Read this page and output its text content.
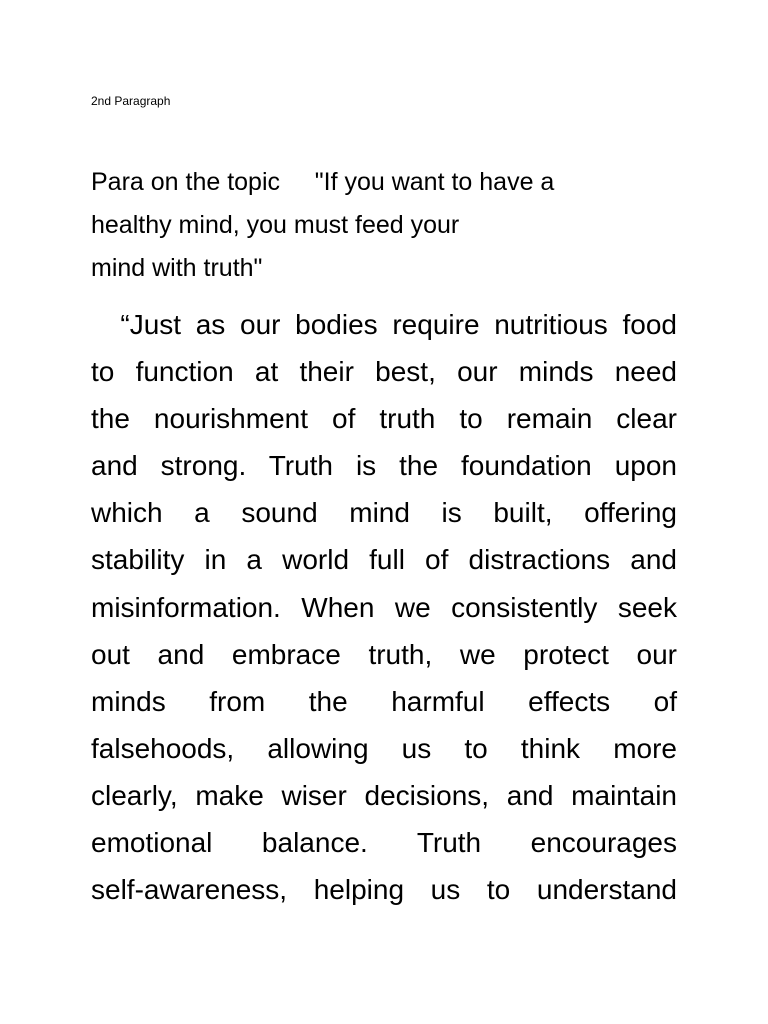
2nd Paragraph
Para on the topic     "If you want to have a
healthy mind, you must feed your
mind with truth"
“Just as our bodies require nutritious food
to function at their best, our minds need
the nourishment of truth to remain clear
and strong. Truth is the foundation upon
which a sound mind is built, offering
stability in a world full of distractions and
misinformation. When we consistently seek
out and embrace truth, we protect our
minds from the harmful effects of
falsehoods, allowing us to think more
clearly, make wiser decisions, and maintain
emotional balance. Truth encourages
self-awareness, helping us to understand
